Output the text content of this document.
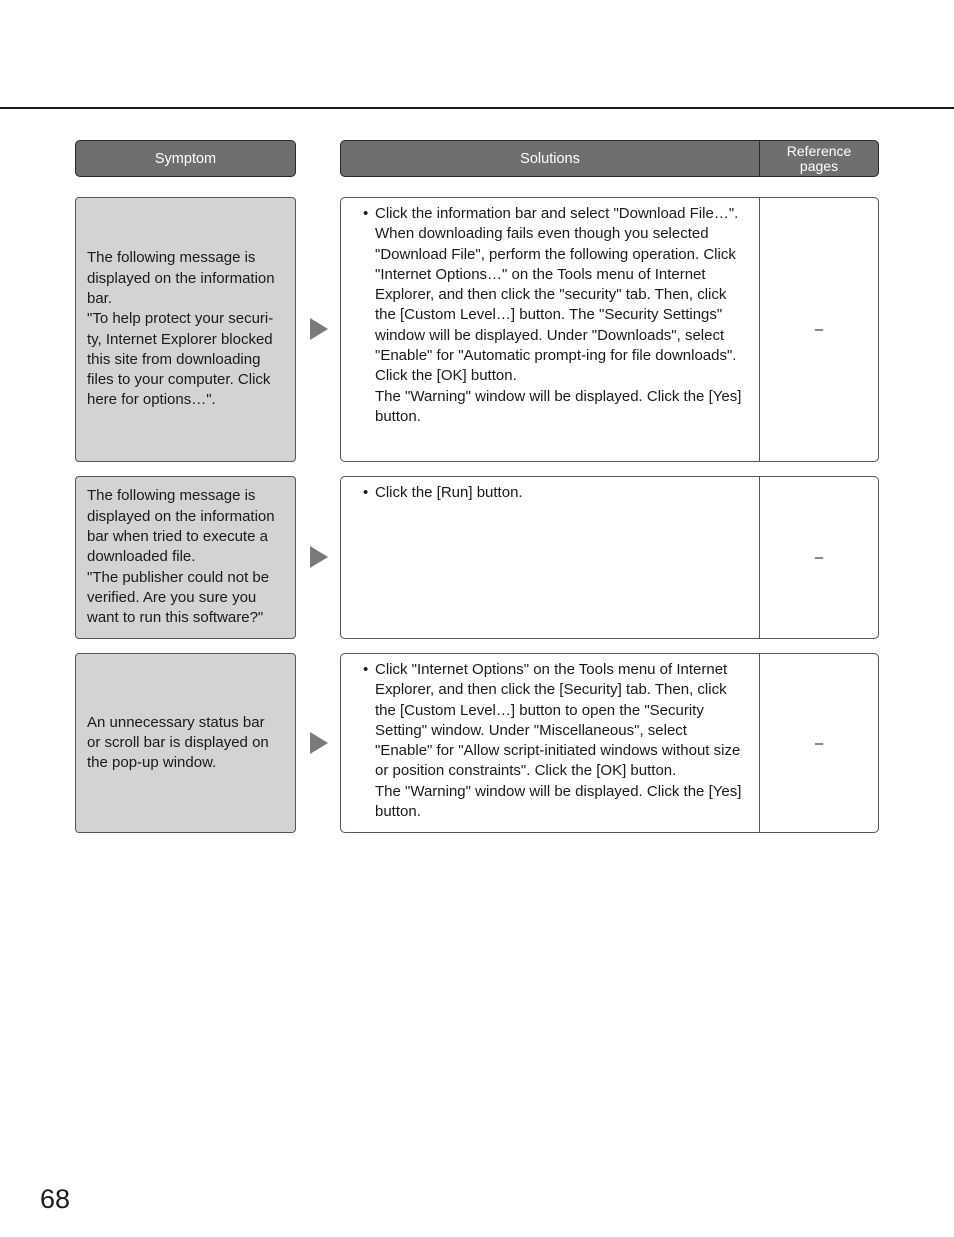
Symptom	Solutions	Reference
pages

The following message is displayed on the information bar.
"To help protect your securi-ty, Internet Explorer blocked this site from downloading files to your computer. Click here for options…".

• Click the information bar and select "Download File…".
When downloading fails even though you selected "Download File", perform the following operation. Click "Internet Options…" on the Tools menu of Internet Explorer, and then click the "security" tab. Then, click the [Custom Level…] button. The "Security Settings" window will be displayed. Under "Downloads", select "Enable" for "Automatic prompt-ing for file downloads". Click the [OK] button.
The "Warning" window will be displayed. Click the [Yes] button.
–

The following message is displayed on the information bar when tried to execute a downloaded file.
"The publisher could not be verified. Are you sure you want to run this software?"

• Click the [Run] button.
–

An unnecessary status bar or scroll bar is displayed on the pop-up window.

• Click "Internet Options" on the Tools menu of Internet Explorer, and then click the [Security] tab. Then, click the [Custom Level…] button to open the "Security Setting" window. Under "Miscellaneous", select "Enable" for "Allow script-initiated windows without size or position constraints". Click the [OK] button.
The "Warning" window will be displayed. Click the [Yes] button.
–
68
